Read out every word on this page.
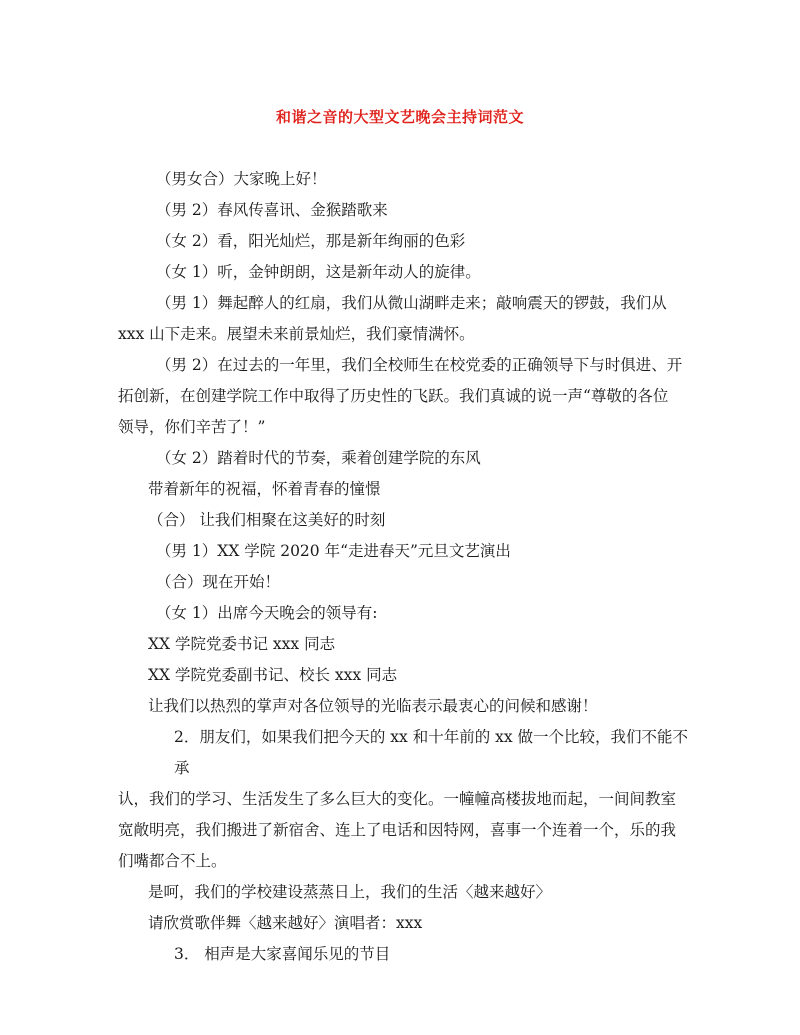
和谐之音的大型文艺晚会主持词范文

（男女合）大家晚上好！

（男 2）春风传喜讯、金猴踏歌来

（女 2）看，阳光灿烂，那是新年绚丽的色彩

（女 1）听，金钟朗朗，这是新年动人的旋律。

（男 1）舞起醉人的红扇，我们从微山湖畔走来；敲响震天的锣鼓，我们从

xxx 山下走来。展望未来前景灿烂，我们豪情满怀。

（男 2）在过去的一年里，我们全校师生在校党委的正确领导下与时俱进、开

拓创新，在创建学院工作中取得了历史性的飞跃。我们真诚的说一声“尊敬的各位

领导，你们辛苦了！”

（女 2）踏着时代的节奏，乘着创建学院的东风

带着新年的祝福，怀着青春的憧憬

（合） 让我们相聚在这美好的时刻

（男 1）XX 学院 2020 年“走进春天”元旦文艺演出

（合）现在开始！

（女 1）出席今天晚会的领导有:

XX 学院党委书记 xxx 同志

XX 学院党委副书记、校长 xxx 同志

让我们以热烈的掌声对各位领导的光临表示最衷心的问候和感谢！

2．朋友们，如果我们把今天的 xx 和十年前的 xx 做一个比较，我们不能不承

认，我们的学习、生活发生了多么巨大的变化。一幢幢高楼拔地而起，一间间教室

宽敞明亮，我们搬进了新宿舍、连上了电话和因特网，喜事一个连着一个，乐的我

们嘴都合不上。

是呵，我们的学校建设蒸蒸日上，我们的生活〈越来越好〉

请欣赏歌伴舞〈越来越好〉演唱者：xxx

3． 相声是大家喜闻乐见的节目
